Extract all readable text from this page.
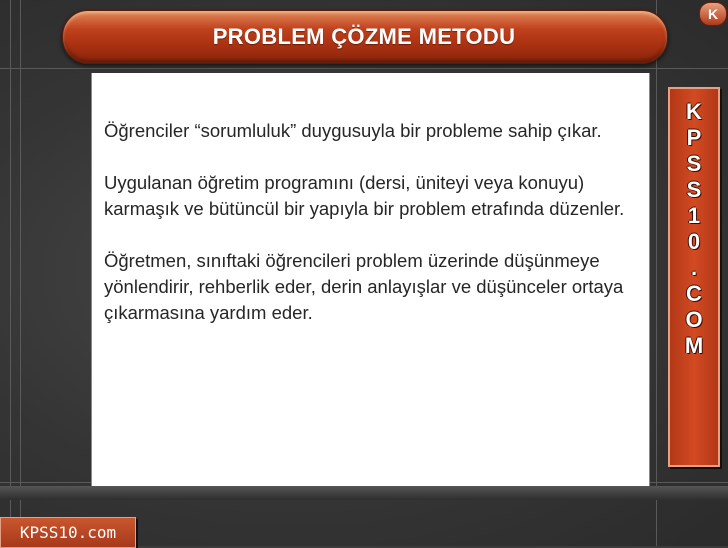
PROBLEM ÇÖZME METODU
K

Öğrenciler “sorumluluk” duygusuyla bir probleme sahip çıkar.

Uygulanan öğretim programını (dersi, üniteyi veya konuyu) karmaşık ve bütüncül bir yapıyla bir problem etrafında düzenler.

Öğretmen, sınıftaki öğrencileri problem üzerinde düşünmeye yönlendirir, rehberlik eder, derin anlayışlar ve düşünceler ortaya çıkarmasına yardım eder.

K
P
S
S
1
0
.
C
O
M
KPSS10.com
